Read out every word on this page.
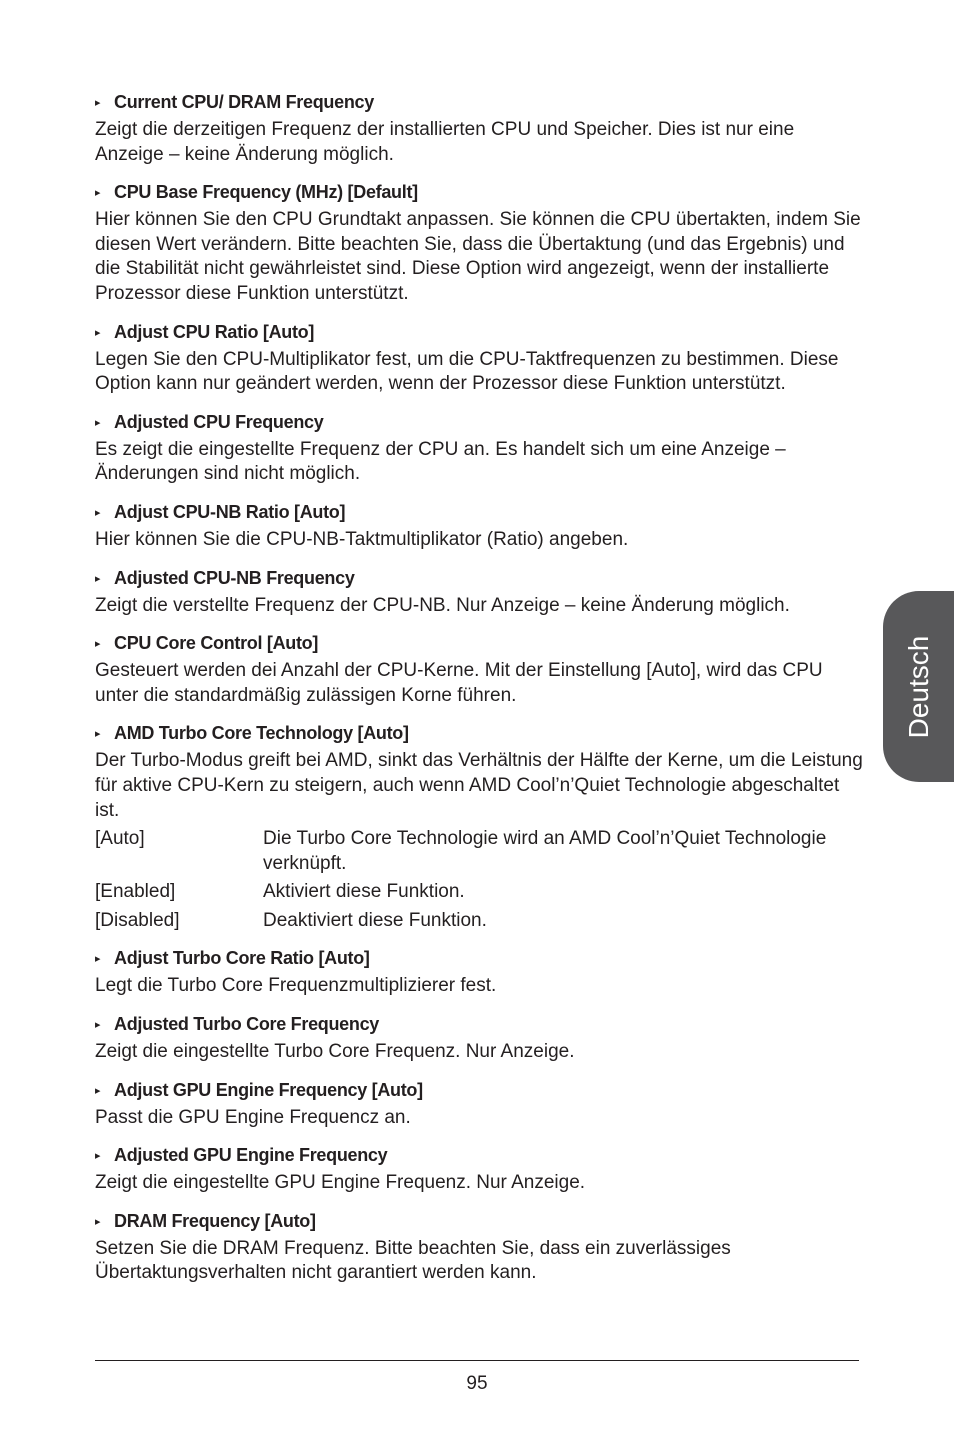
▸ Current CPU/ DRAM Frequency

Zeigt die derzeitigen Frequenz der installierten CPU und Speicher. Dies ist nur eine Anzeige – keine Änderung möglich.

▸ CPU Base Frequency (MHz) [Default]

Hier können Sie den CPU Grundtakt anpassen. Sie können die CPU übertakten, indem Sie diesen Wert verändern. Bitte beachten Sie, dass die Übertaktung (und das Ergebnis) und die Stabilität nicht gewährleistet sind. Diese Option wird angezeigt, wenn der installierte Prozessor diese Funktion unterstützt.

▸ Adjust CPU Ratio [Auto]

Legen Sie den CPU-Multiplikator fest, um die CPU-Taktfrequenzen zu bestimmen. Diese Option kann nur geändert werden, wenn der Prozessor diese Funktion unterstützt.

▸ Adjusted CPU Frequency

Es zeigt die eingestellte Frequenz der CPU an. Es handelt sich um eine Anzeige – Änderungen sind nicht möglich.

▸ Adjust CPU-NB Ratio [Auto]

Hier können Sie die CPU-NB-Taktmultiplikator (Ratio) angeben.

▸ Adjusted CPU-NB Frequency

Zeigt die verstellte Frequenz der CPU-NB. Nur Anzeige – keine Änderung möglich.

▸ CPU Core Control [Auto]

Gesteuert werden dei Anzahl der CPU-Kerne. Mit der Einstellung [Auto], wird das CPU unter die standardmäßig zulässigen Korne führen.

▸ AMD Turbo Core Technology [Auto]

Der Turbo-Modus greift bei AMD, sinkt das Verhältnis der Hälfte der Kerne, um die Leistung für aktive CPU-Kern zu steigern, auch wenn AMD Cool’n’Quiet Technologie abgeschaltet ist.

[Auto]	Die Turbo Core Technologie wird an AMD Cool’n’Quiet Technologie verknüpft.
[Enabled]	Aktiviert diese Funktion.
[Disabled]	Deaktiviert diese Funktion.

▸ Adjust Turbo Core Ratio [Auto]

Legt die Turbo Core Frequenzmultiplizierer fest.

▸ Adjusted Turbo Core Frequency

Zeigt die eingestellte Turbo Core Frequenz. Nur Anzeige.

▸ Adjust GPU Engine Frequency [Auto]

Passt die GPU Engine Frequencz an.

▸ Adjusted GPU Engine Frequency

Zeigt die eingestellte GPU Engine Frequenz. Nur Anzeige.

▸ DRAM Frequency [Auto]

Setzen Sie die DRAM Frequenz. Bitte beachten Sie, dass ein zuverlässiges Übertaktungsverhalten nicht garantiert werden kann.

Deutsch
95
